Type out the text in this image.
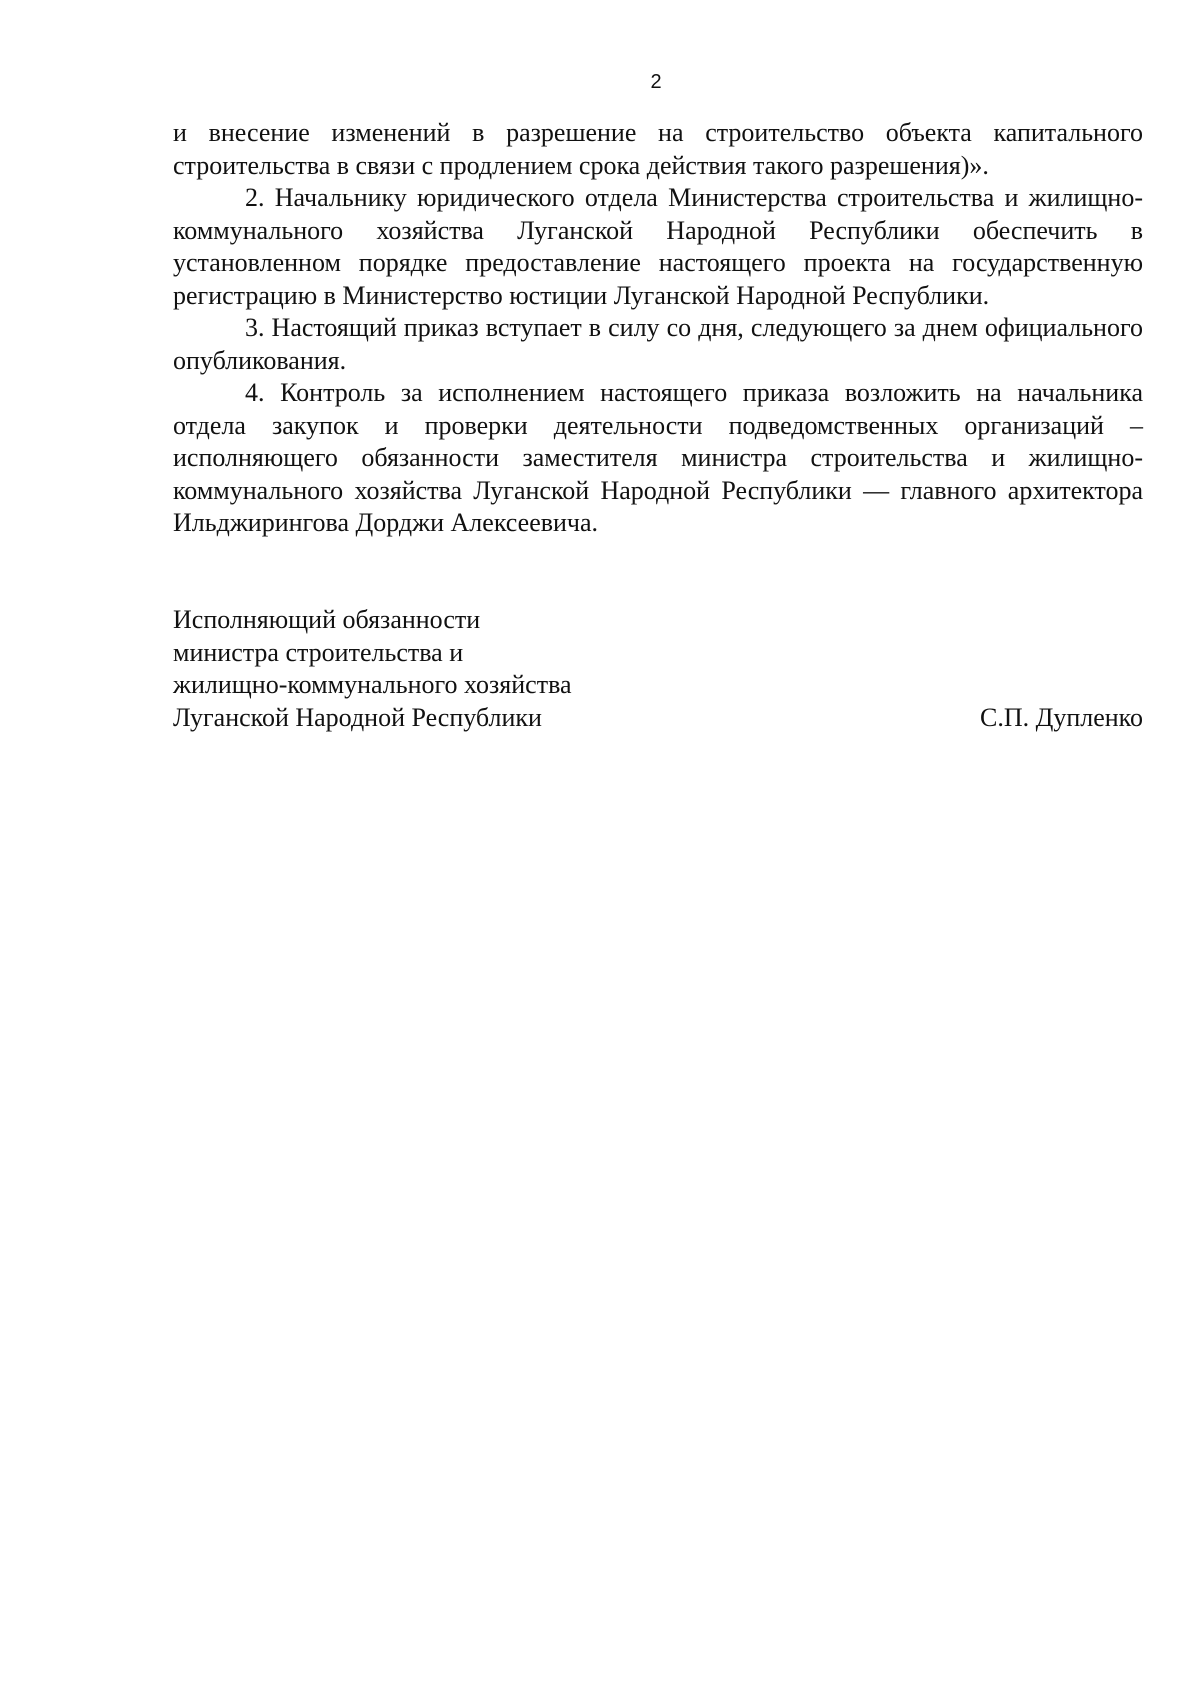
2

и внесение изменений в разрешение на строительство объекта капитального строительства в связи с продлением срока действия такого разрешения)».

2. Начальнику юридического отдела Министерства строительства и жилищно-коммунального хозяйства Луганской Народной Республики обеспечить в установленном порядке предоставление настоящего проекта на государственную регистрацию в Министерство юстиции Луганской Народной Республики.

3. Настоящий приказ вступает в силу со дня, следующего за днем официального опубликования.

4. Контроль за исполнением настоящего приказа возложить на начальника отдела закупок и проверки деятельности подведомственных организаций – исполняющего обязанности заместителя министра строительства и жилищно-коммунального хозяйства Луганской Народной Республики — главного архитектора Ильджирингова Дорджи Алексеевича.

Исполняющий обязанности
министра строительства и
жилищно-коммунального хозяйства
Луганской Народной Республики	С.П. Дупленко
